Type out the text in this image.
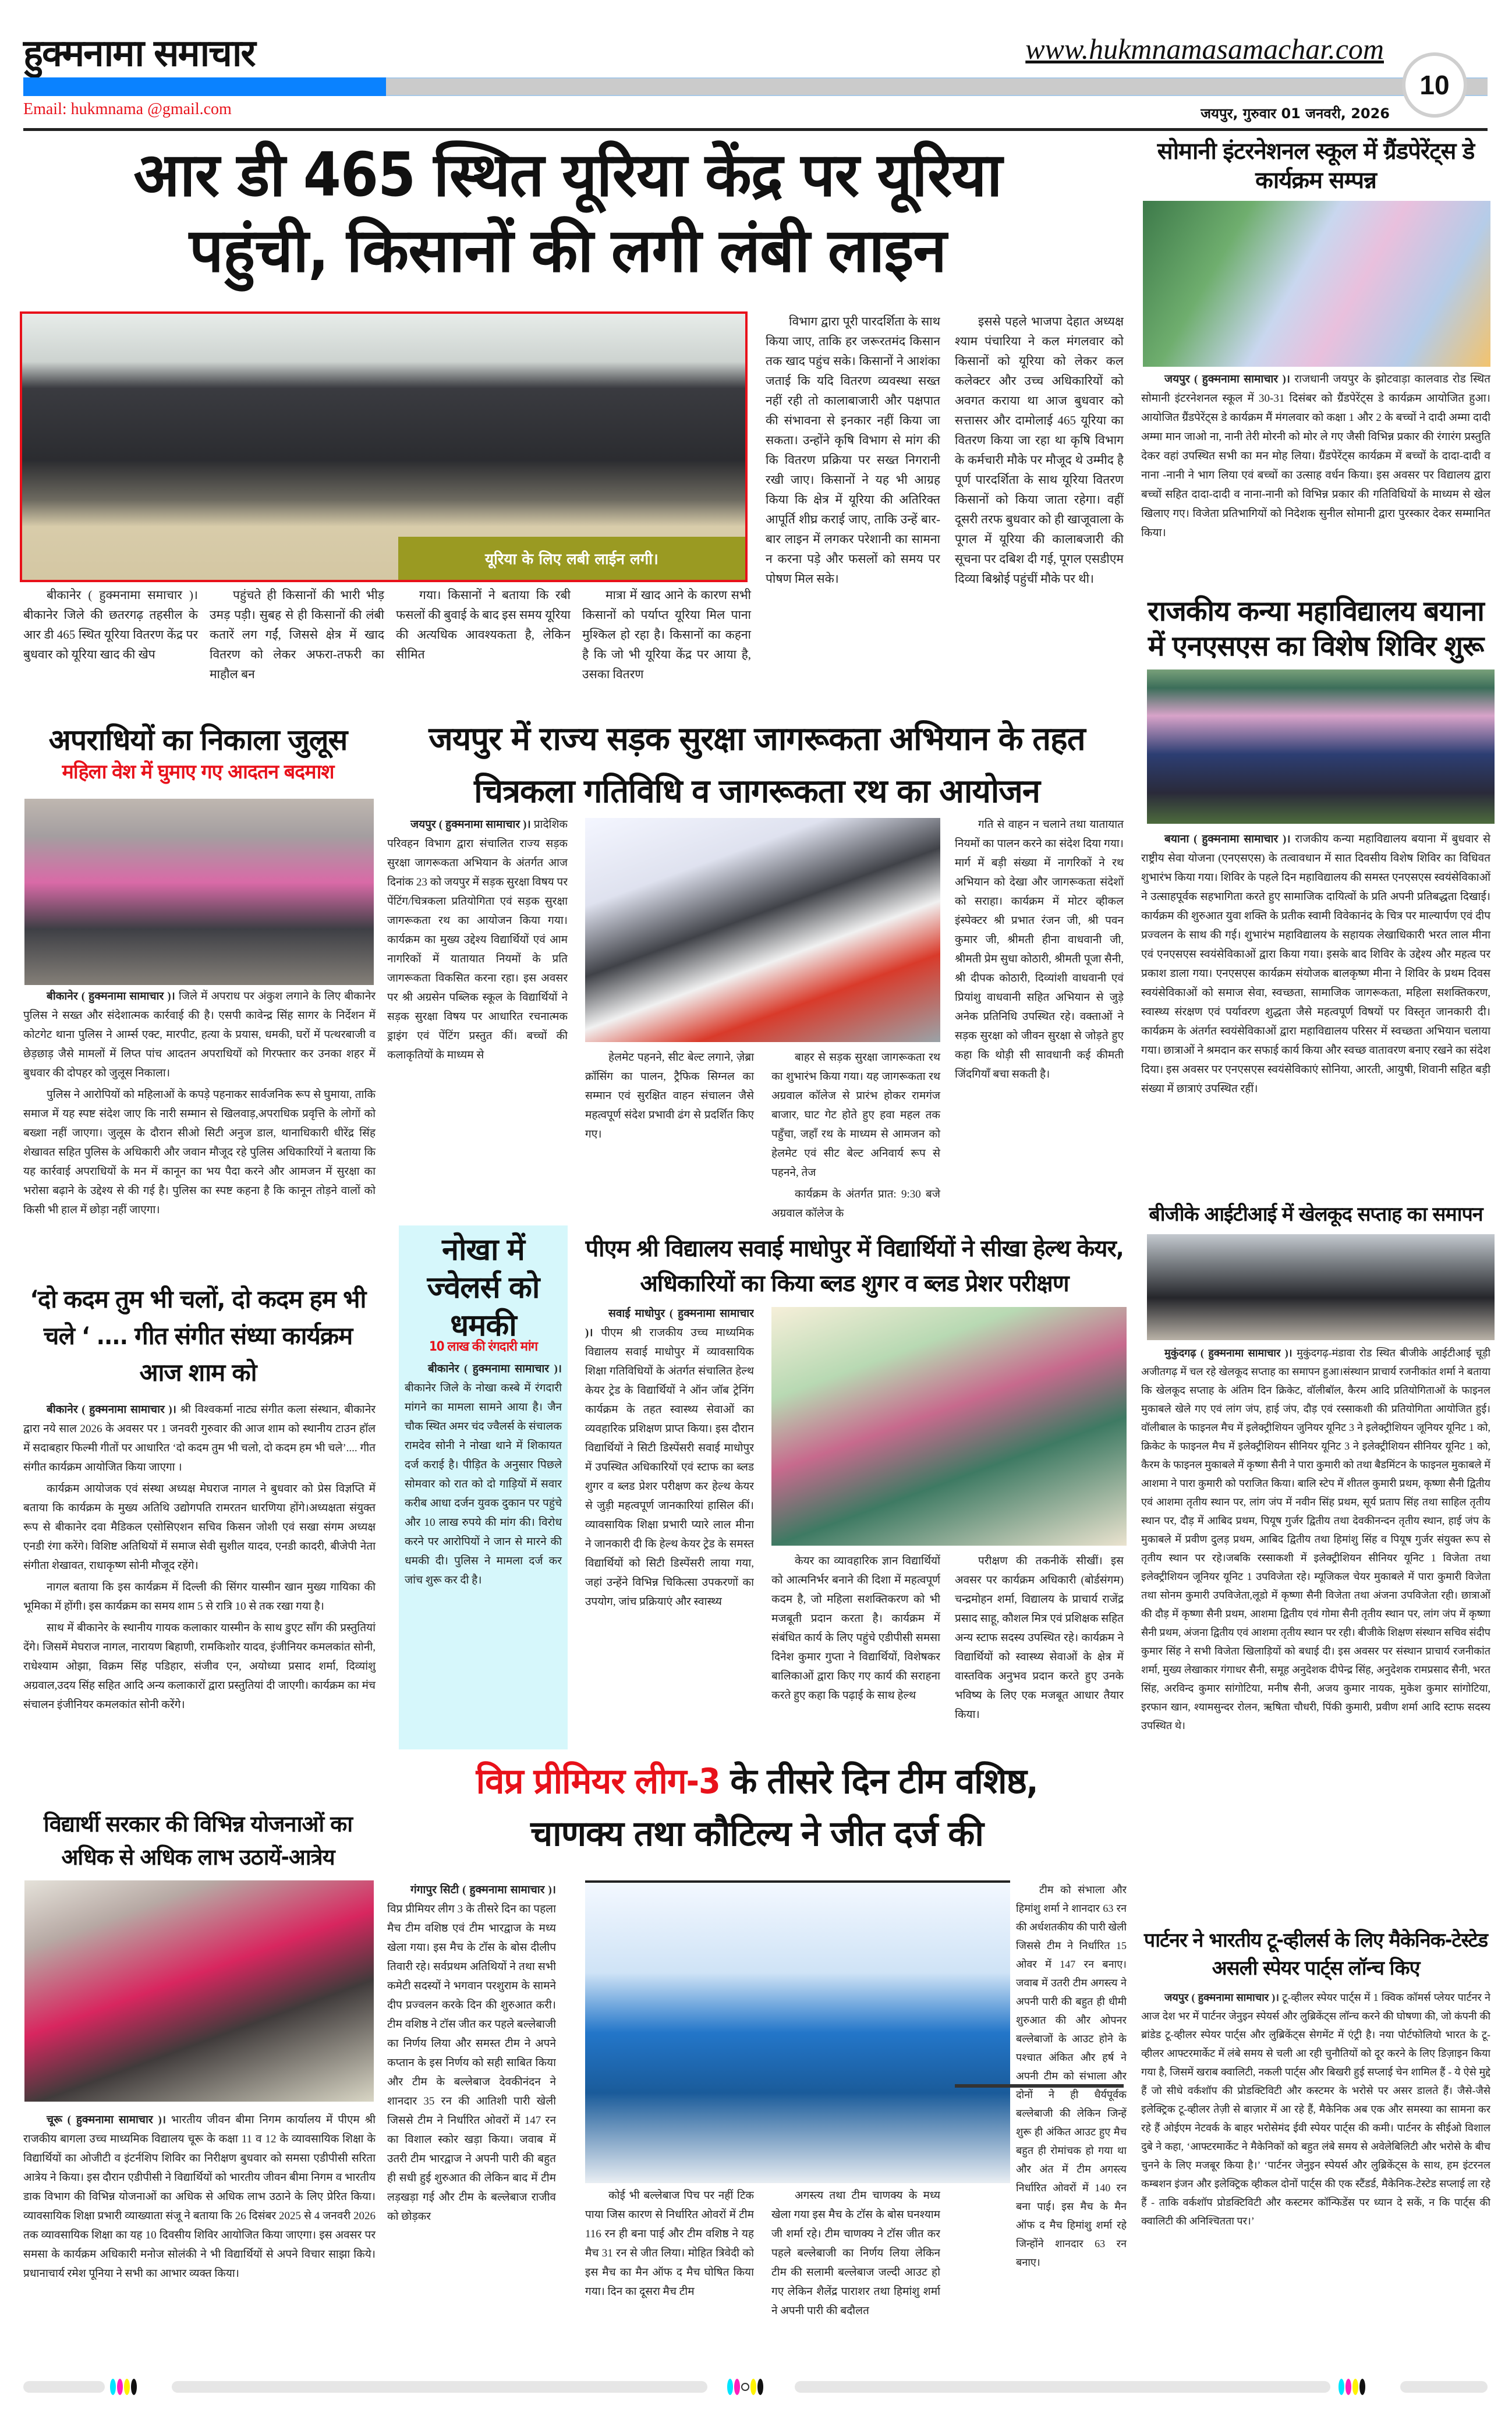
हुक्मनामा समाचार	www.hukmnamasamachar.com
10
Email: hukmnama @gmail.com	जयपुर, गुरुवार 01 जनवरी, 2026
आर डी 465 स्थित यूरिया केंद्र पर यूरिया
पहुंची, किसानों की लगी लंबी लाइन
यूरिया के लिए लबी लाईन लगी।

बीकानेर ( हुक्मनामा समाचार )। बीकानेर जिले की छतरगढ़ तहसील के आर डी 465 स्थित यूरिया वितरण केंद्र पर बुधवार को यूरिया खाद की खेप

पहुंचते ही किसानों की भारी भीड़ उमड़ पड़ी। सुबह से ही किसानों की लंबी कतारें लग गईं, जिससे क्षेत्र में खाद वितरण को लेकर अफरा-तफरी का माहौल बन

गया। किसानों ने बताया कि रबी फसलों की बुवाई के बाद इस समय यूरिया की अत्यधिक आवश्यकता है, लेकिन सीमित

मात्रा में खाद आने के कारण सभी किसानों को पर्याप्त यूरिया मिल पाना मुश्किल हो रहा है। किसानों का कहना है कि जो भी यूरिया केंद्र पर आया है, उसका वितरण

विभाग द्वारा पूरी पारदर्शिता के साथ किया जाए, ताकि हर जरूरतमंद किसान तक खाद पहुंच सके। किसानों ने आशंका जताई कि यदि वितरण व्यवस्था सख्त नहीं रही तो कालाबाजारी और पक्षपात की संभावना से इनकार नहीं किया जा सकता। उन्होंने कृषि विभाग से मांग की कि वितरण प्रक्रिया पर सख्त निगरानी रखी जाए। किसानों ने यह भी आग्रह किया कि क्षेत्र में यूरिया की अतिरिक्त आपूर्ति शीघ्र कराई जाए, ताकि उन्हें बार-बार लाइन में लगकर परेशानी का सामना न करना पड़े और फसलों को समय पर पोषण मिल सके।

इससे पहले भाजपा देहात अध्यक्ष श्याम पंचारिया ने कल मंगलवार को किसानों को यूरिया को लेकर कल कलेक्टर और उच्च अधिकारियों को अवगत कराया था आज बुधवार को सत्तासर और दामोलाई 465 यूरिया का वितरण किया जा रहा था कृषि विभाग के कर्मचारी मौके पर मौजूद थे उम्मीद है पूर्ण पारदर्शिता के साथ यूरिया वितरण किसानों को किया जाता रहेगा। वहीं दूसरी तरफ बुधवार को ही खाजूवाला के पूगल में यूरिया की कालाबजारी की सूचना पर दबिश दी गई, पूगल एसडीएम दिव्या बिश्नोई पहुंचीं मौके पर थी।

सोमानी इंटरनेशनल स्कूल में ग्रैंडपेरेंट्स डे कार्यक्रम सम्पन्न

जयपुर ( हुक्मनामा सामाचार )। राजधानी जयपुर के झोटवाड़ा कालवाड रोड स्थित सोमानी इंटरनेशनल स्कूल में 30-31 दिसंबर को ग्रैंडपेरेंट्स डे कार्यक्रम आयोजित हुआ। आयोजित ग्रैंडपेरेंट्स डे कार्यक्रम मैं मंगलवार को कक्षा 1 और 2 के बच्चों ने दादी अम्मा दादी अम्मा मान जाओ ना, नानी तेरी मोरनी को मोर ले गए जैसी विभिन्न प्रकार की रंगारंग प्रस्तुति देकर वहां उपस्थित सभी का मन मोह लिया। ग्रैंडपेरेंट्स कार्यक्रम में बच्चों के दादा-दादी व नाना -नानी ने भाग लिया एवं बच्चों का उत्साह वर्धन किया। इस अवसर पर विद्यालय द्वारा बच्चों सहित दादा-दादी व नाना-नानी को विभिन्न प्रकार की गतिविधियों के माध्यम से खेल खिलाए गए। विजेता प्रतिभागियों को निदेशक सुनील सोमानी द्वारा पुरस्कार देकर सम्मानित किया।

राजकीय कन्या महाविद्यालय बयाना में एनएसएस का विशेष शिविर शुरू

बयाना ( हुक्मनामा सामाचार )। राजकीय कन्या महाविद्यालय बयाना में बुधवार से राष्ट्रीय सेवा योजना (एनएसएस) के तत्वावधान में सात दिवसीय विशेष शिविर का विधिवत शुभारंभ किया गया। शिविर के पहले दिन महाविद्यालय की समस्त एनएसएस स्वयंसेविकाओं ने उत्साहपूर्वक सहभागिता करते हुए सामाजिक दायित्वों के प्रति अपनी प्रतिबद्धता दिखाई। कार्यक्रम की शुरुआत युवा शक्ति के प्रतीक स्वामी विवेकानंद के चित्र पर माल्यार्पण एवं दीप प्रज्वलन के साथ की गई। शुभारंभ महाविद्यालय के सहायक लेखाधिकारी भरत लाल मीना एवं एनएसएस स्वयंसेविकाओं द्वारा किया गया। इसके बाद शिविर के उद्देश्य और महत्व पर प्रकाश डाला गया। एनएसएस कार्यक्रम संयोजक बालकृष्ण मीना ने शिविर के प्रथम दिवस स्वयंसेविकाओं को समाज सेवा, स्वच्छता, सामाजिक जागरूकता, महिला सशक्तिकरण, स्वास्थ्य संरक्षण एवं पर्यावरण शुद्धता जैसे महत्वपूर्ण विषयों पर विस्तृत जानकारी दी। कार्यक्रम के अंतर्गत स्वयंसेविकाओं द्वारा महाविद्यालय परिसर में स्वच्छता अभियान चलाया गया। छात्राओं ने श्रमदान कर सफाई कार्य किया और स्वच्छ वातावरण बनाए रखने का संदेश दिया। इस अवसर पर एनएसएस स्वयंसेविकाएं सोनिया, आरती, आयुषी, शिवानी सहित बड़ी संख्या में छात्राएं उपस्थित रहीं।

अपराधियों का निकाला जुलूस
महिला वेश में घुमाए गए आदतन बदमाश

बीकानेर ( हुक्मनामा सामाचार )। जिले में अपराध पर अंकुश लगाने के लिए बीकानेर पुलिस ने सख्त और संदेशात्मक कार्रवाई की है। एसपी कावेन्द्र सिंह सागर के निर्देशन में कोटगेट थाना पुलिस ने आर्म्स एक्ट, मारपीट, हत्या के प्रयास, धमकी, घरों में पत्थरबाजी व छेड़छाड़ जैसे मामलों में लिप्त पांच आदतन अपराधियों को गिरफ्तार कर उनका शहर में बुधवार की दोपहर को जुलूस निकाला।

पुलिस ने आरोपियों को महिलाओं के कपड़े पहनाकर सार्वजनिक रूप से घुमाया, ताकि समाज में यह स्पष्ट संदेश जाए कि नारी सम्मान से खिलवाड़,अपराधिक प्रवृत्ति के लोगों को बख्शा नहीं जाएगा। जुलूस के दौरान सीओ सिटी अनुज डाल, थानाधिकारी धीरेंद्र सिंह शेखावत सहित पुलिस के अधिकारी और जवान मौजूद रहे पुलिस अधिकारियों ने बताया कि यह कार्रवाई अपराधियों के मन में कानून का भय पैदा करने और आमजन में सुरक्षा का भरोसा बढ़ाने के उद्देश्य से की गई है। पुलिस का स्पष्ट कहना है कि कानून तोड़ने वालों को किसी भी हाल में छोड़ा नहीं जाएगा।

जयपुर में राज्य सड़क सुरक्षा जागरूकता अभियान के तहत
चित्रकला गतिविधि व जागरूकता रथ का आयोजन

जयपुर ( हुक्मनामा सामाचार )। प्रादेशिक परिवहन विभाग द्वारा संचालित राज्य सड़क सुरक्षा जागरूकता अभियान के अंतर्गत आज दिनांक 23 को जयपुर में सड़क सुरक्षा विषय पर पेंटिंग/चित्रकला प्रतियोगिता एवं सड़क सुरक्षा जागरूकता रथ का आयोजन किया गया। कार्यक्रम का मुख्य उद्देश्य विद्यार्थियों एवं आम नागरिकों में यातायात नियमों के प्रति जागरूकता विकसित करना रहा। इस अवसर पर श्री अग्रसेन पब्लिक स्कूल के विद्यार्थियों ने सड़क सुरक्षा विषय पर आधारित रचनात्मक ड्राइंग एवं पेंटिंग प्रस्तुत कीं। बच्चों की कलाकृतियों के माध्यम से	हेलमेट पहनने, सीट बेल्ट लगाने, ज़ेब्रा क्रॉसिंग का पालन, ट्रैफिक सिग्नल का सम्मान एवं सुरक्षित वाहन संचालन जैसे महत्वपूर्ण संदेश प्रभावी ढंग से प्रदर्शित किए गए।

बाहर से सड़क सुरक्षा जागरूकता रथ का शुभारंभ किया गया। यह जागरूकता रथ अग्रवाल कॉलेज से प्रारंभ होकर रामगंज बाजार, घाट गेट होते हुए हवा महल तक पहुँचा, जहाँ रथ के माध्यम से आमजन को हेलमेट एवं सीट बेल्ट अनिवार्य रूप से पहनने, तेज

कार्यक्रम के अंतर्गत प्रात: 9:30 बजे अग्रवाल कॉलेज के

गति से वाहन न चलाने तथा यातायात नियमों का पालन करने का संदेश दिया गया। मार्ग में बड़ी संख्या में नागरिकों ने रथ अभियान को देखा और जागरूकता संदेशों को सराहा। कार्यक्रम में मोटर व्हीकल इंस्पेक्टर श्री प्रभात रंजन जी, श्री पवन कुमार जी, श्रीमती हीना वाधवानी जी, श्रीमती प्रेम सुधा कोठारी, श्रीमती पूजा सैनी, श्री दीपक कोठारी, दिव्यांशी वाधवानी एवं प्रियांशु वाधवानी सहित अभियान से जुड़े अनेक प्रतिनिधि उपस्थित रहे। वक्ताओं ने सड़क सुरक्षा को जीवन सुरक्षा से जोड़ते हुए कहा कि थोड़ी सी सावधानी कई कीमती जिंदगियाँ बचा सकती है।

‘दो कदम तुम भी चलों, दो कदम हम भी चले ‘ .... गीत संगीत संध्या कार्यक्रम आज शाम को

बीकानेर ( हुक्मनामा सामाचार )। श्री विश्वकर्मा नाट्य संगीत कला संस्थान, बीकानेर द्वारा नये साल 2026 के अवसर पर 1 जनवरी गुरुवार की आज शाम को स्थानीय टाउन हॉल में सदाबहार फिल्मी गीतों पर आधारित ‘दो कदम तुम भी चलो, दो कदम हम भी चले’.... गीत संगीत कार्यक्रम आयोजित किया जाएगा ।

कार्यक्रम आयोजक एवं संस्था अध्यक्ष मेघराज नागल ने बुधवार को प्रेस विज्ञप्ति में बताया कि कार्यक्रम के मुख्य अतिथि उद्योगपति रामरतन धारणिया होंगे।अध्यक्षता संयुक्त रूप से बीकानेर दवा मैडिकल एसोसिएशन सचिव किसन जोशी एवं सखा संगम अध्यक्ष एनडी रंगा करेंगे। विशिष्ट अतिथियों में समाज सेवी सुशील यादव, एनडी कादरी, बीजेपी नेता संगीता शेखावत, राधाकृष्ण सोनी मौजूद रहेंगे।

नागल बताया कि इस कार्यक्रम में दिल्ली की सिंगर यास्मीन खान मुख्य गायिका की भूमिका में होंगी। इस कार्यक्रम का समय शाम 5 से रात्रि 10 से तक रखा गया है।

साथ में बीकानेर के स्थानीय गायक कलाकार यास्मीन के साथ डुएट सॉंग की प्रस्तुतियां देंगे। जिसमें मेघराज नागल, नारायण बिहाणी, रामकिशोर यादव, इंजीनियर कमलकांत सोनी, राधेश्याम ओझा, विक्रम सिंह पडिहार, संजीव एन, अयोध्या प्रसाद शर्मा, दिव्यांशु अग्रवाल,उदय सिंह सहित आदि अन्य कलाकारों द्वारा प्रस्तुतियां दी जाएगी। कार्यक्रम का मंच संचालन इंजीनियर कमलकांत सोनी करेंगे।

नोखा में ज्वेलर्स को धमकी
10 लाख की रंगदारी मांग

बीकानेर ( हुक्मनामा सामाचार )। बीकानेर जिले के नोखा कस्बे में रंगदारी मांगने का मामला सामने आया है। जैन चौक स्थित अमर चंद ज्वैलर्स के संचालक रामदेव सोनी ने नोखा थाने में शिकायत दर्ज कराई है। पीड़ित के अनुसार पिछले सोमवार को रात को दो गाड़ियों में सवार करीब आधा दर्जन युवक दुकान पर पहुंचे और 10 लाख रुपये की मांग की। विरोध करने पर आरोपियों ने जान से मारने की धमकी दी। पुलिस ने मामला दर्ज कर जांच शुरू कर दी है।

पीएम श्री विद्यालय सवाई माधोपुर में विद्यार्थियों ने सीखा हेल्थ केयर, अधिकारियों का किया ब्लड शुगर व ब्लड प्रेशर परीक्षण

सवाई माधोपुर ( हुक्मनामा सामाचार )। पीएम श्री राजकीय उच्च माध्यमिक विद्यालय सवाई माधोपुर में व्यावसायिक शिक्षा गतिविधियों के अंतर्गत संचालित हेल्थ केयर ट्रेड के विद्यार्थियों ने ऑन जॉब ट्रेनिंग कार्यक्रम के तहत स्वास्थ्य सेवाओं का व्यवहारिक प्रशिक्षण प्राप्त किया। इस दौरान विद्यार्थियों ने सिटी डिस्पेंसरी सवाई माधोपुर में उपस्थित अधिकारियों एवं स्टाफ का ब्लड शुगर व ब्लड प्रेशर परीक्षण कर हेल्थ केयर से जुड़ी महत्वपूर्ण जानकारियां हासिल कीं। व्यावसायिक शिक्षा प्रभारी प्यारे लाल मीना ने जानकारी दी कि हेल्थ केयर ट्रेड के समस्त विद्यार्थियों को सिटी डिस्पेंसरी लाया गया, जहां उन्हेंने विभिन्न चिकित्सा उपकरणों का उपयोग, जांच प्रक्रियाएं और स्वास्थ्य

केयर का व्यावहारिक ज्ञान विद्यार्थियों को आत्मनिर्भर बनाने की दिशा में महत्वपूर्ण कदम है, जो महिला सशक्तिकरण को भी मजबूती प्रदान करता है। कार्यक्रम में संबंधित कार्य के लिए पहुंचे एडीपीसी समसा दिनेश कुमार गुप्ता ने विद्यार्थियों, विशेषकर बालिकाओं द्वारा किए गए कार्य की सराहना करते हुए कहा कि पढ़ाई के साथ हेल्थ

परीक्षण की तकनीकें सीखीं। इस अवसर पर कार्यक्रम अधिकारी (बोर्डसंगम) चन्द्रमोहन शर्मा, विद्यालय के प्राचार्य राजेंद्र प्रसाद साहू, कौशल मित्र एवं प्रशिक्षक सहित अन्य स्टाफ सदस्य उपस्थित रहे। कार्यक्रम ने विद्यार्थियों को स्वास्थ्य सेवाओं के क्षेत्र में वास्तविक अनुभव प्रदान करते हुए उनके भविष्य के लिए एक मजबूत आधार तैयार किया।

बीजीके आईटीआई में खेलकूद सप्ताह का समापन

मुकुंदगढ़ ( हुक्मनामा सामाचार )। मुकुंदगढ़-मंडावा रोड स्थित बीजीके आईटीआई चूड़ी अजीतगढ़ में चल रहे खेलकूद सप्ताह का समापन हुआ।संस्थान प्राचार्य रजनीकांत शर्मा ने बताया कि खेलकूद सप्ताह के अंतिम दिन क्रिकेट, वॉलीबॉल, कैरम आदि प्रतियोगिताओं के फाइनल मुकाबले खेले गए एवं लांग जंप, हाई जंप, दौड़ एवं रस्साकशी की प्रतियोगिता आयोजित हुई।वॉलीबाल के फाइनल मैच में इलेक्ट्रीशियन जुनियर यूनिट 3 ने इलेक्ट्रीशियन जूनियर यूनिट 1 को, क्रिकेट के फाइनल मैच में इलेक्ट्रीशियन सीनियर यूनिट 3 ने इलेक्ट्रीशियन सीनियर यूनिट 1 को, कैरम के फाइनल मुकाबले में कृष्णा सैनी ने पारा कुमारी को तथा बैडमिंटन के फाइनल मुकाबले में आशमा ने पारा कुमारी को पराजित किया। बालि स्टेप में शीतल कुमारी प्रथम, कृष्णा सैनी द्वितीय एवं आशमा तृतीय स्थान पर, लांग जंप में नवीन सिंह प्रथम, सूर्य प्रताप सिंह तथा साहिल तृतीय स्थान पर, दौड़ में आबिद प्रथम, पियूष गुर्जर द्वितीय तथा देवकीनन्दन तृतीय स्थान, हाई जंप के मुकाबले में प्रवीण दुलड़ प्रथम, आबिद द्वितीय तथा हिमांशु सिंह व पियूष गुर्जर संयुक्त रूप से तृतीय स्थान पर रहे।जबकि रस्साकशी में इलेक्ट्रीशियन सीनियर यूनिट 1 विजेता तथा इलेक्ट्रीशियन जूनियर यूनिट 1 उपविजेता रहे। म्यूजिकल चेयर मुकाबले में पारा कुमारी विजेता तथा सोनम कुमारी उपविजेता,लूडो में कृष्णा सैनी विजेता तथा अंजना उपविजेता रही। छात्राओं की दौड़ में कृष्णा सैनी प्रथम, आशमा द्वितीय एवं गोमा सैनी तृतीय स्थान पर, लांग जंप में कृष्णा सैनी प्रथम, अंजना द्वितीय एवं आशमा तृतीय स्थान पर रही। बीजीके शिक्षण संस्थान सचिव संदीप कुमार सिंह ने सभी विजेता खिलाड़ियों को बधाई दी। इस अवसर पर संस्थान प्राचार्य रजनीकांत शर्मा, मुख्य लेखाकार गंगाधर सैनी, समूह अनुदेशक दीपेन्द्र सिंह, अनुदेशक रामप्रसाद सैनी, भरत सिंह, अरविन्द कुमार सांगोटिया, मनीष सैनी, अजय कुमार नायक, मुकेश कुमार सांगोटिया, इरफान खान, श्यामसुन्दर रोलन, ऋषिता चौधरी, पिंकी कुमारी, प्रवीण शर्मा आदि स्टाफ सदस्य उपस्थित थे।

विप्र प्रीमियर लीग-3 के तीसरे दिन टीम वशिष्ठ,
चाणक्य तथा कौटिल्य ने जीत दर्ज की

गंगापुर सिटी ( हुक्मनामा सामाचार )। विप्र प्रीमियर लीग 3 के तीसरे दिन का पहला मैच टीम वशिष्ठ एवं टीम भारद्वाज के मध्य खेला गया। इस मैच के टॉस के बोस दीलीप तिवारी रहे। सर्वप्रथम अतिथियों ने तथा सभी कमेटी सदस्यों ने भगवान परशुराम के सामने दीप प्रज्वलन करके दिन की शुरुआत करी। टीम वशिष्ठ ने टॉस जीत कर पहले बल्लेबाजी का निर्णय लिया और समस्त टीम ने अपने कप्तान के इस निर्णय को सही साबित किया और टीम के बल्लेबाज देवकीनंदन ने शानदार 35 रन की आतिशी पारी खेली जिससे टीम ने निर्धारित ओवरों में 147 रन का विशाल स्कोर खड़ा किया। जवाब में उतरी टीम भारद्वाज ने अपनी पारी की बहुत ही सधी हुई शुरुआत की लेकिन बाद में टीम लड़खड़ा गई और टीम के बल्लेबाज राजीव को छोड़कर

कोई भी बल्लेबाज पिच पर नहीं टिक पाया जिस कारण से निर्धारित ओवरों में टीम 116 रन ही बना पाई और टीम वशिष्ठ ने यह मैच 31 रन से जीत लिया। मोहित त्रिवेदी को इस मैच का मैन ऑफ द मैच घोषित किया गया। दिन का दूसरा मैच टीम

अगस्त्य तथा टीम चाणक्य के मध्य खेला गया इस मैच के टॉस के बोस घनश्याम जी शर्मा रहे। टीम चाणक्य ने टॉस जीत कर पहले बल्लेबाजी का निर्णय लिया लेकिन टीम की सलामी बल्लेबाज जल्दी आउट हो गए लेकिन शैलेंद्र पाराशर तथा हिमांशु शर्मा ने अपनी पारी की बदौलत

टीम को संभाला और हिमांशु शर्मा ने शानदार 63 रन की अर्धशतकीय की पारी खेली जिससे टीम ने निर्धारित 15 ओवर में 147 रन बनाए। जवाब में उतरी टीम अगस्त्य ने अपनी पारी की बहुत ही धीमी शुरुआत की और ओपनर बल्लेबाजों के आउट होने के पश्चात अंकित और हर्ष ने अपनी टीम को संभाला और दोनों ने ही धैर्यपूर्वक बल्लेबाजी की लेकिन जिन्हें शुरू ही अंकित आउट हुए मैच बहुत ही रोमांचक हो गया था और अंत में टीम अगस्त्य निर्धारित ओवरों में 140 रन बना पाई। इस मैच के मैन ऑफ द मैच हिमांशु शर्मा रहे जिन्होंने शानदार 63 रन बनाए।

विद्यार्थी सरकार की विभिन्न योजनाओं का अधिक से अधिक लाभ उठायें-आत्रेय

चूरू ( हुक्मनामा सामाचार )। भारतीय जीवन बीमा निगम कार्यालय में पीएम श्री राजकीय बागला उच्च माध्यमिक विद्यालय चूरू के कक्षा 11 व 12 के व्यावसायिक शिक्षा के विद्यार्थियों का ओजीटी व इंटर्नशिप शिविर का निरीक्षण बुधवार को समसा एडीपीसी सरिता आत्रेय ने किया। इस दौरान एडीपीसी ने विद्यार्थियों को भारतीय जीवन बीमा निगम व भारतीय डाक विभाग की विभिन्न योजनाओं का अधिक से अधिक लाभ उठाने के लिए प्रेरित किया। व्यावसायिक शिक्षा प्रभारी व्याख्याता संजू ने बताया कि 26 दिसंबर 2025 से 4 जनवरी 2026 तक व्यावसायिक शिक्षा का यह 10 दिवसीय शिविर आयोजित किया जाएगा। इस अवसर पर समसा के कार्यक्रम अधिकारी मनोज सोलंकी ने भी विद्यार्थियों से अपने विचार साझा किये। प्रधानाचार्य रमेश पूनिया ने सभी का आभार व्यक्त किया।

पार्टनर ने भारतीय टू-व्हीलर्स के लिए मैकेनिक-टेस्टेड असली स्पेयर पार्ट्स लॉन्च किए

जयपुर ( हुक्मनामा सामाचार )। टू-व्हीलर स्पेयर पार्ट्स में 1 क्विक कॉमर्स प्लेयर पार्टनर ने आज देश भर में पार्टनर जेनुइन स्पेयर्स और लुब्रिकेंट्स लॉन्च करने की घोषणा की, जो कंपनी की ब्रांडेड टू-व्हीलर स्पेयर पार्ट्स और लुब्रिकेंट्स सेगमेंट में एंट्री है। नया पोर्टफोलियो भारत के टू-व्हीलर आफ्टरमार्केट में लंबे समय से चली आ रही चुनौतियों को दूर करने के लिए डिज़ाइन किया गया है, जिसमें खराब क्वालिटी, नकली पार्ट्स और बिखरी हुई सप्लाई चेन शामिल हैं - ये ऐसे मुद्दे हैं जो सीधे वर्कशॉप की प्रोडक्टिविटी और कस्टमर के भरोसे पर असर डालते हैं। जैसे-जैसे इलेक्ट्रिक टू-व्हीलर तेज़ी से बाज़ार में आ रहे हैं, मैकेनिक अब एक और समस्या का सामना कर रहे हैं ओईएम नेटवर्क के बाहर भरोसेमंद ईवी स्पेयर पार्ट्स की कमी। पार्टनर के सीईओ विशाल दुबे ने कहा, ‘आफ्टरमार्केट ने मैकेनिकों को बहुत लंबे समय से अवेलेबिलिटी और भरोसे के बीच चुनने के लिए मजबूर किया है।’ ‘पार्टनर जेनुइन स्पेयर्स और लुब्रिकेंट्स के साथ, हम इंटरनल कम्बशन इंजन और इलेक्ट्रिक व्हीकल दोनों पार्ट्स की एक स्टैंडर्ड, मैकेनिक-टेस्टेड सप्लाई ला रहे हैं - ताकि वर्कशॉप प्रोडक्टिविटी और कस्टमर कॉन्फिडेंस पर ध्यान दे सकें, न कि पार्ट्स की क्वालिटी की अनिश्चितता पर।’
